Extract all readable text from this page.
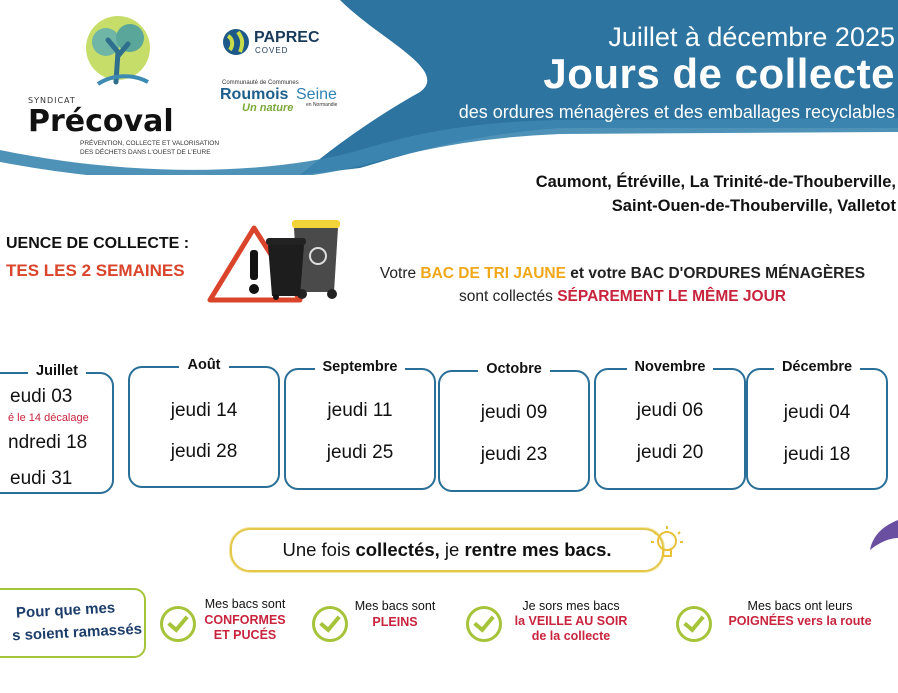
SYNDICAT
Précoval
PRÉVENTION, COLLECTE ET VALORISATION
DES DÉCHETS DANS L'OUEST DE L'EURE
PAPREC
COVED
Communauté de Communes
Roumois Seine
en Normandie
Un nature
Juillet à décembre 2025
Jours de collecte
des ordures ménagères et des emballages recyclables
Caumont, Étréville, La Trinité-de-Thouberville,
Saint-Ouen-de-Thouberville, Valletot
UENCE DE COLLECTE :
TES LES 2 SEMAINES	Votre BAC DE TRI JAUNE et votre BAC D'ORDURES MÉNAGÈRES
sont collectés SÉPAREMENT LE MÊME JOUR
Juillet
eudi 03
é le 14 décalage
ndredi 18
eudi 31
Août
jeudi 14
jeudi 28
Septembre
jeudi 11
jeudi 25
Octobre
jeudi 09
jeudi 23
Novembre
jeudi 06
jeudi 20
Décembre
jeudi 04
jeudi 18
Une fois collectés, je rentre mes bacs.
Pour que mes
s soient ramassés
Mes bacs sont
CONFORMES
ET PUCÉS
Mes bacs sont
PLEINS
Je sors mes bacs
la VEILLE AU SOIR
de la collecte
Mes bacs ont leurs
POIGNÉES vers la route
